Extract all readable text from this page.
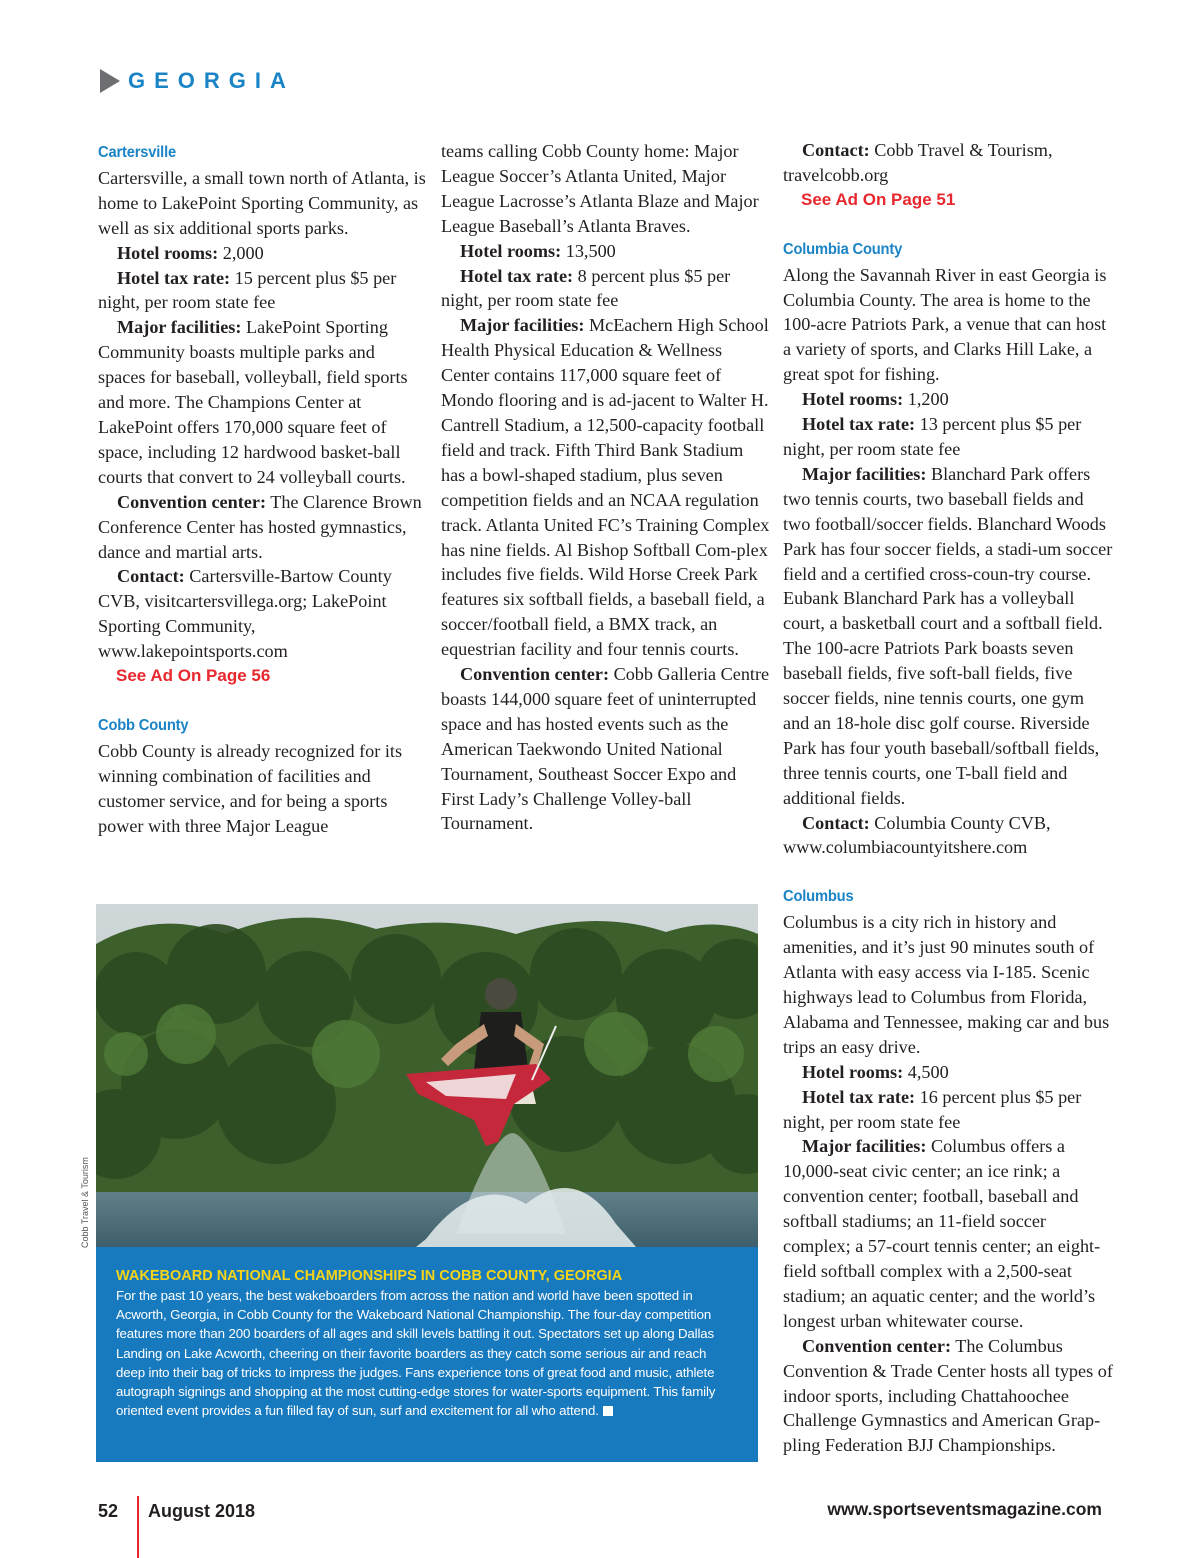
GEORGIA

Cartersville

Cartersville, a small town north of Atlanta, is home to LakePoint Sporting Community, as well as six additional sports parks.

Hotel rooms: 2,000

Hotel tax rate: 15 percent plus $5 per night, per room state fee

Major facilities: LakePoint Sporting Community boasts multiple parks and spaces for baseball, volleyball, field sports and more. The Champions Center at LakePoint offers 170,000 square feet of space, including 12 hardwood basket-ball courts that convert to 24 volleyball courts.

Convention center: The Clarence Brown Conference Center has hosted gymnastics, dance and martial arts.

Contact: Cartersville-Bartow County CVB, visitcartersvillega.org; LakePoint Sporting Community, www.lakepointsports.com

See Ad On Page 56

Cobb County

Cobb County is already recognized for its winning combination of facilities and customer service, and for being a sports power with three Major League

teams calling Cobb County home: Major League Soccer’s Atlanta United, Major League Lacrosse’s Atlanta Blaze and Major League Baseball’s Atlanta Braves.

Hotel rooms: 13,500

Hotel tax rate: 8 percent plus $5 per night, per room state fee

Major facilities: McEachern High School Health Physical Education & Wellness Center contains 117,000 square feet of Mondo flooring and is ad-jacent to Walter H. Cantrell Stadium, a 12,500-capacity football field and track. Fifth Third Bank Stadium has a bowl-shaped stadium, plus seven competition fields and an NCAA regulation track. Atlanta United FC’s Training Complex has nine fields. Al Bishop Softball Com-plex includes five fields. Wild Horse Creek Park features six softball fields, a baseball field, a soccer/football field, a BMX track, an equestrian facility and four tennis courts.

Convention center: Cobb Galleria Centre boasts 144,000 square feet of uninterrupted space and has hosted events such as the American Taekwondo United National Tournament, Southeast Soccer Expo and First Lady’s Challenge Volley-ball Tournament.

Contact: Cobb Travel & Tourism, travelcobb.org

See Ad On Page 51

Columbia County

Along the Savannah River in east Georgia is Columbia County. The area is home to the 100-acre Patriots Park, a venue that can host a variety of sports, and Clarks Hill Lake, a great spot for fishing.

Hotel rooms: 1,200

Hotel tax rate: 13 percent plus $5 per night, per room state fee

Major facilities: Blanchard Park offers two tennis courts, two baseball fields and two football/soccer fields. Blanchard Woods Park has four soccer fields, a stadi-um soccer field and a certified cross-coun-try course. Eubank Blanchard Park has a volleyball court, a basketball court and a softball field. The 100-acre Patriots Park boasts seven baseball fields, five soft-ball fields, five soccer fields, nine tennis courts, one gym and an 18-hole disc golf course. Riverside Park has four youth baseball/softball fields, three tennis courts, one T-ball field and additional fields.

Contact: Columbia County CVB, www.columbiacountyitshere.com

Columbus

Columbus is a city rich in history and amenities, and it’s just 90 minutes south of Atlanta with easy access via I-185. Scenic highways lead to Columbus from Florida, Alabama and Tennessee, making car and bus trips an easy drive.

Hotel rooms: 4,500

Hotel tax rate: 16 percent plus $5 per night, per room state fee

Major facilities: Columbus offers a 10,000-seat civic center; an ice rink; a convention center; football, baseball and softball stadiums; an 11-field soccer complex; a 57-court tennis center; an eight-field softball complex with a 2,500-seat stadium; an aquatic center; and the world’s longest urban whitewater course.

Convention center: The Columbus Convention & Trade Center hosts all types of indoor sports, including Chattahoochee Challenge Gymnastics and American Grap-pling Federation BJJ Championships.

Cobb Travel & Tourism

WAKEBOARD NATIONAL CHAMPIONSHIPS IN COBB COUNTY, GEORGIA

For the past 10 years, the best wakeboarders from across the nation and world have been spotted in Acworth, Georgia, in Cobb County for the Wakeboard National Championship. The four-day competition features more than 200 boarders of all ages and skill levels battling it out. Spectators set up along Dallas Landing on Lake Acworth, cheering on their favorite boarders as they catch some serious air and reach deep into their bag of tricks to impress the judges. Fans experience tons of great food and music, athlete autograph signings and shopping at the most cutting-edge stores for water-sports equipment. This family oriented event provides a fun filled fay of sun, surf and excitement for all who attend.

52 August 2018	www.sportseventsmagazine.com
